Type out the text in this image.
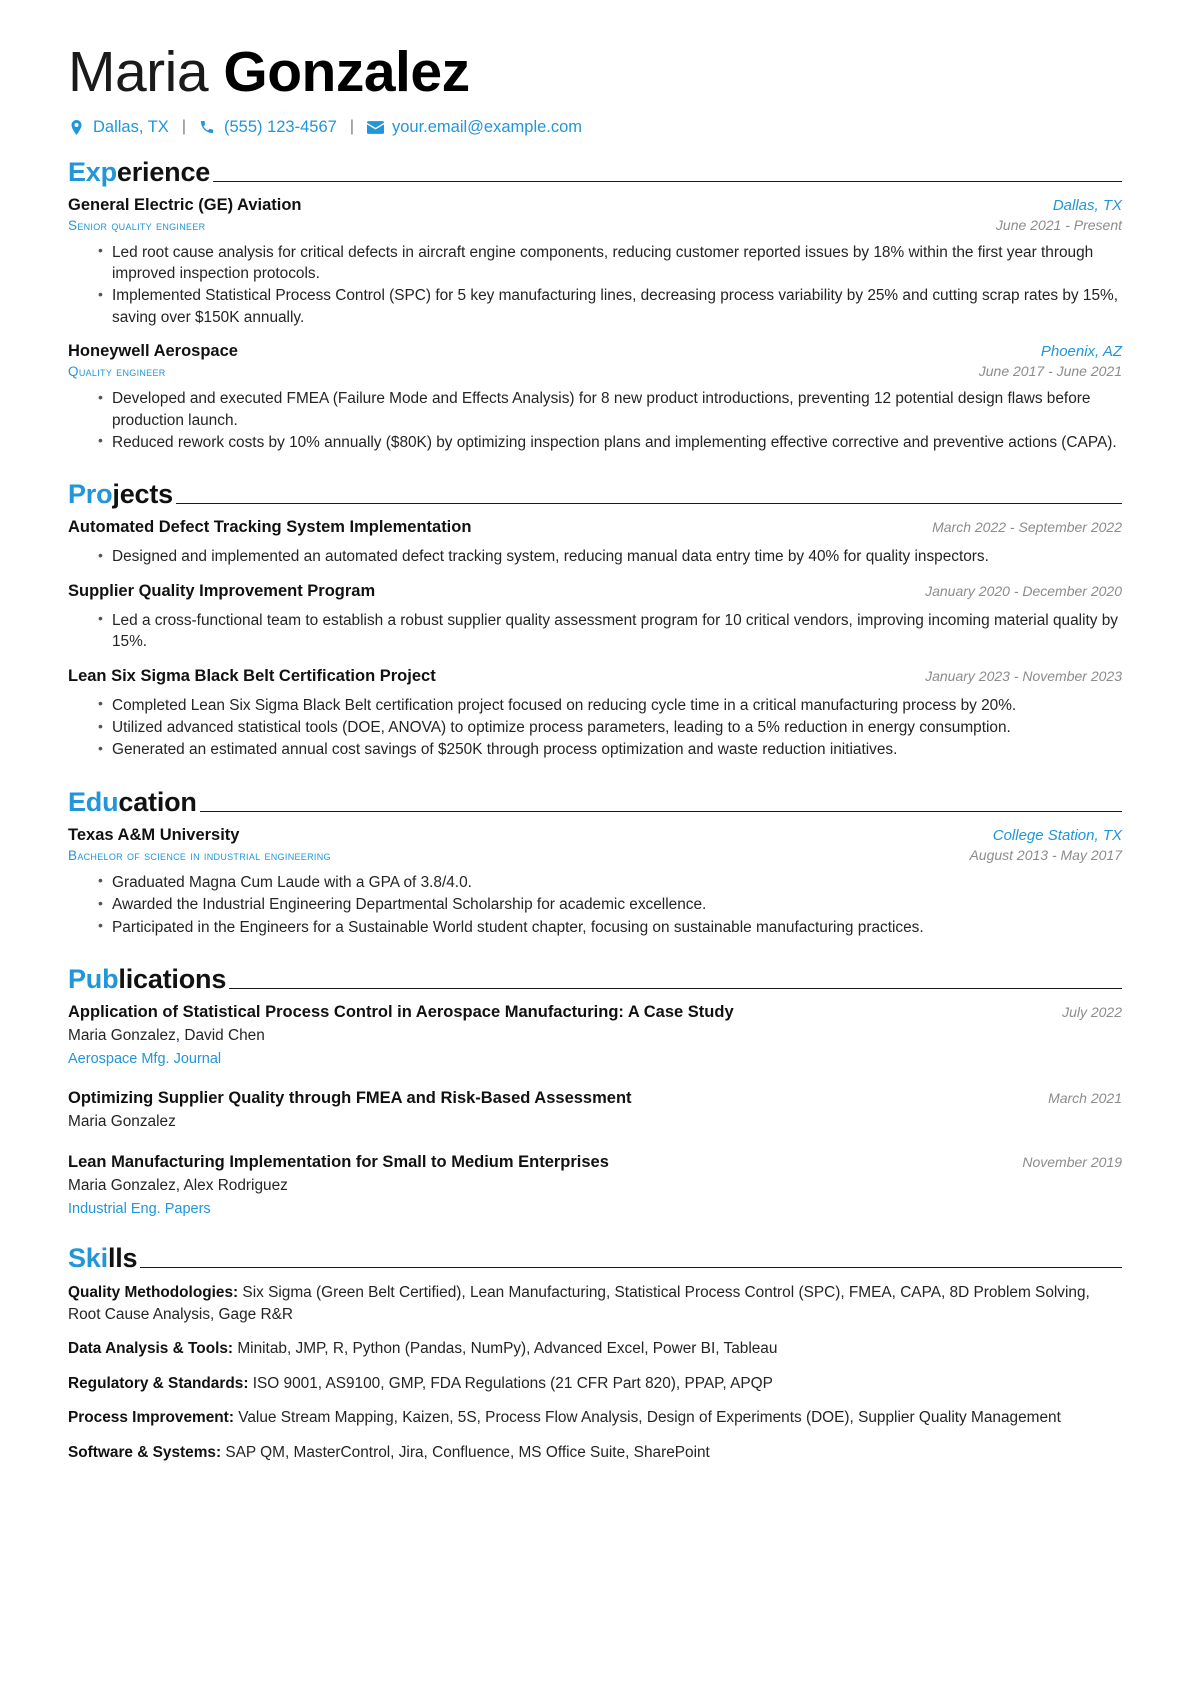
Maria Gonzalez
Dallas, TX |	(555) 123-4567 |	your.email@example.com
Experience
General Electric (GE) Aviation	Dallas, TX
Senior quality engineer	June 2021 - Present
• Led root cause analysis for critical defects in aircraft engine components, reducing customer reported issues by 18% within the first year through improved inspection protocols.
• Implemented Statistical Process Control (SPC) for 5 key manufacturing lines, decreasing process variability by 25% and cutting scrap rates by 15%, saving over $150K annually.
Honeywell Aerospace	Phoenix, AZ
Quality engineer	June 2017 - June 2021
• Developed and executed FMEA (Failure Mode and Effects Analysis) for 8 new product introductions, preventing 12 potential design flaws before production launch.
• Reduced rework costs by 10% annually ($80K) by optimizing inspection plans and implementing effective corrective and preventive actions (CAPA).
Projects
Automated Defect Tracking System Implementation	March 2022 - September 2022
• Designed and implemented an automated defect tracking system, reducing manual data entry time by 40% for quality inspectors.
Supplier Quality Improvement Program	January 2020 - December 2020
• Led a cross-functional team to establish a robust supplier quality assessment program for 10 critical vendors, improving incoming material quality by 15%.
Lean Six Sigma Black Belt Certification Project	January 2023 - November 2023
• Completed Lean Six Sigma Black Belt certification project focused on reducing cycle time in a critical manufacturing process by 20%.
• Utilized advanced statistical tools (DOE, ANOVA) to optimize process parameters, leading to a 5% reduction in energy consumption.
• Generated an estimated annual cost savings of $250K through process optimization and waste reduction initiatives.
Education
Texas A&M University	College Station, TX
Bachelor of science in industrial engineering	August 2013 - May 2017
• Graduated Magna Cum Laude with a GPA of 3.8/4.0.
• Awarded the Industrial Engineering Departmental Scholarship for academic excellence.
• Participated in the Engineers for a Sustainable World student chapter, focusing on sustainable manufacturing practices.
Publications
Application of Statistical Process Control in Aerospace Manufacturing: A Case Study	July 2022
Maria Gonzalez, David Chen
Aerospace Mfg. Journal
Optimizing Supplier Quality through FMEA and Risk-Based Assessment	March 2021
Maria Gonzalez
Lean Manufacturing Implementation for Small to Medium Enterprises	November 2019
Maria Gonzalez, Alex Rodriguez
Industrial Eng. Papers
Skills
Quality Methodologies: Six Sigma (Green Belt Certified), Lean Manufacturing, Statistical Process Control (SPC), FMEA, CAPA, 8D Problem Solving, Root Cause Analysis, Gage R&R
Data Analysis & Tools: Minitab, JMP, R, Python (Pandas, NumPy), Advanced Excel, Power BI, Tableau
Regulatory & Standards: ISO 9001, AS9100, GMP, FDA Regulations (21 CFR Part 820), PPAP, APQP
Process Improvement: Value Stream Mapping, Kaizen, 5S, Process Flow Analysis, Design of Experiments (DOE), Supplier Quality Management
Software & Systems: SAP QM, MasterControl, Jira, Confluence, MS Office Suite, SharePoint
